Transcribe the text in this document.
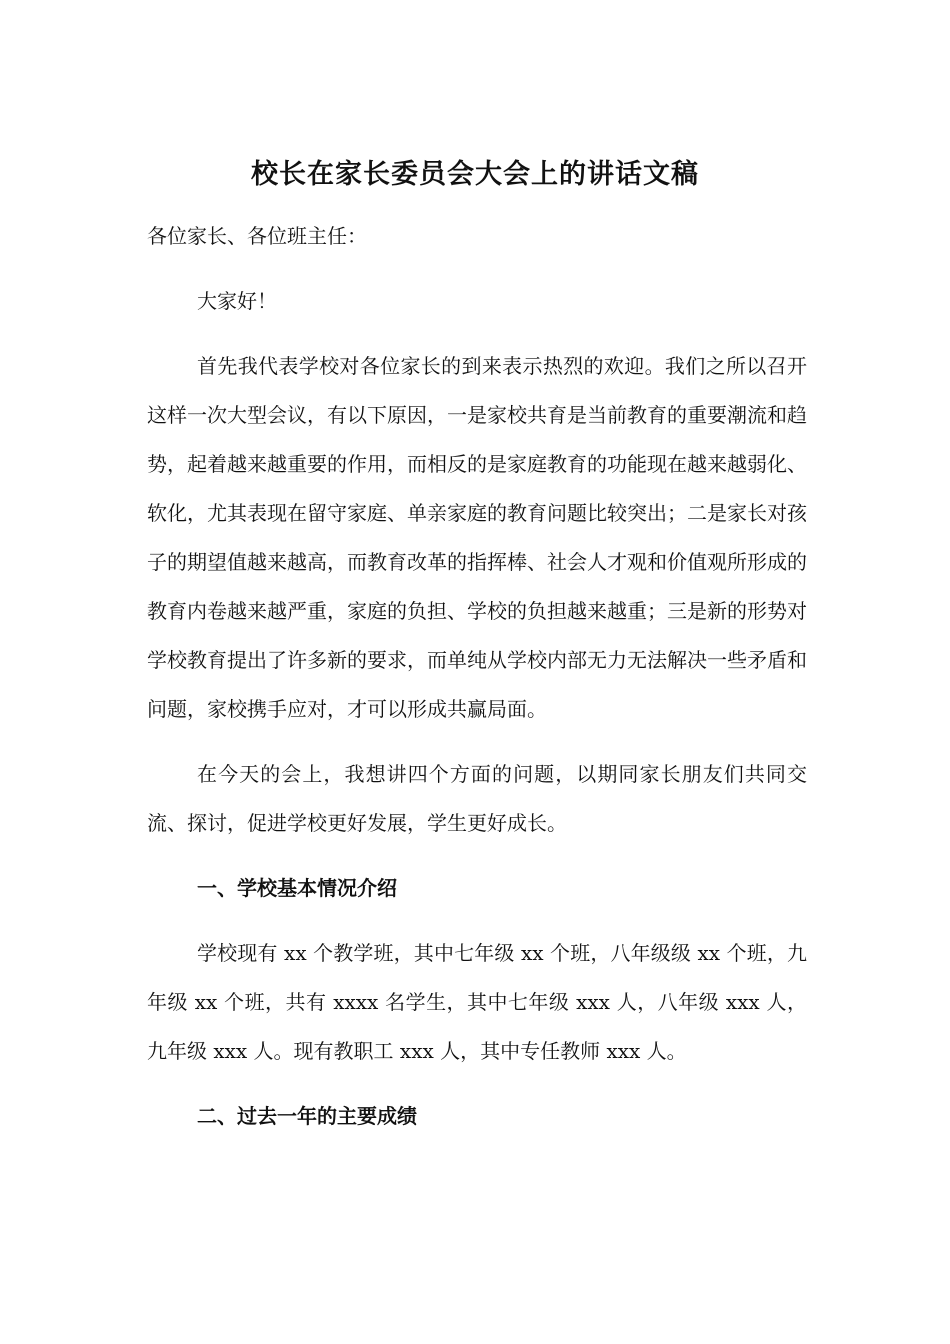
校长在家长委员会大会上的讲话文稿

各位家长、各位班主任：

大家好！

首先我代表学校对各位家长的到来表示热烈的欢迎。我们之所以召开这样一次大型会议，有以下原因，一是家校共育是当前教育的重要潮流和趋势，起着越来越重要的作用，而相反的是家庭教育的功能现在越来越弱化、软化，尤其表现在留守家庭、单亲家庭的教育问题比较突出；二是家长对孩子的期望值越来越高，而教育改革的指挥棒、社会人才观和价值观所形成的教育内卷越来越严重，家庭的负担、学校的负担越来越重；三是新的形势对学校教育提出了许多新的要求，而单纯从学校内部无力无法解决一些矛盾和问题，家校携手应对，才可以形成共赢局面。

在今天的会上，我想讲四个方面的问题，以期同家长朋友们共同交流、探讨，促进学校更好发展，学生更好成长。

一、学校基本情况介绍

学校现有 xx 个教学班，其中七年级 xx 个班，八年级级 xx 个班，九年级 xx 个班，共有 xxxx 名学生，其中七年级 xxx 人，八年级 xxx 人，九年级 xxx 人。现有教职工 xxx 人，其中专任教师 xxx 人。

二、过去一年的主要成绩
